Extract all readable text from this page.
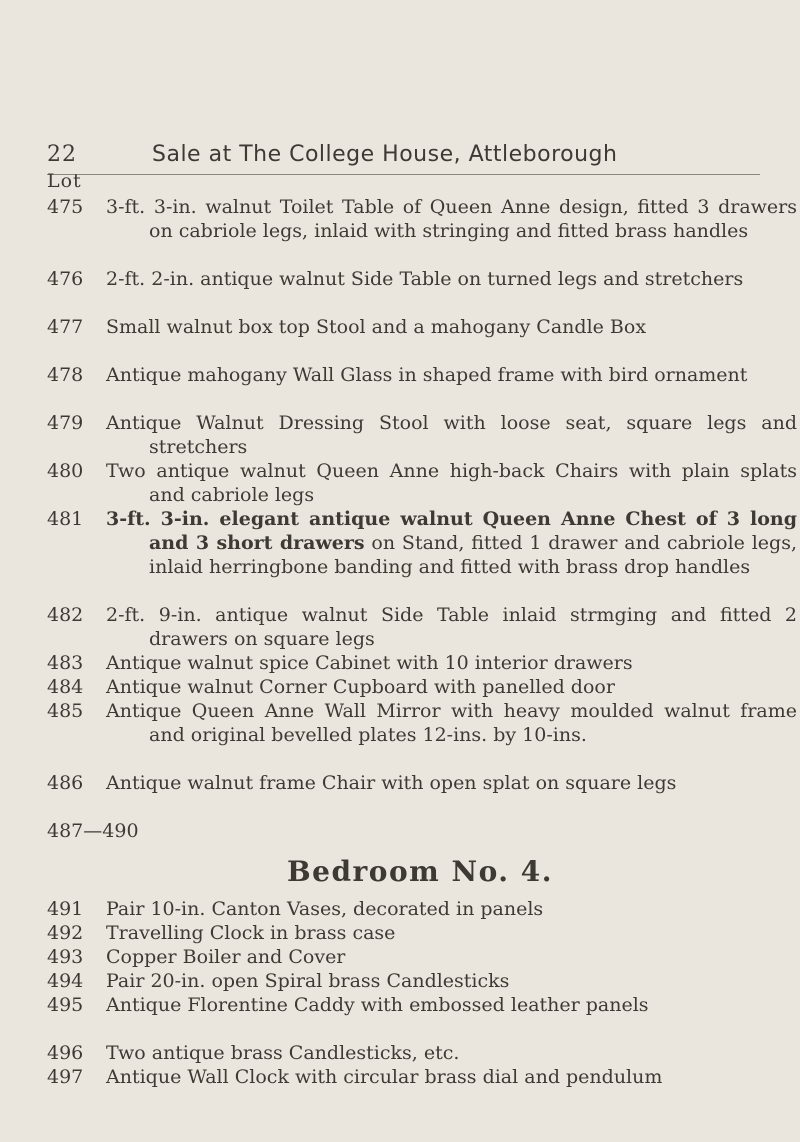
22	Sale at The College House, Attleborough
Lot
475 3-ft. 3-in. walnut Toilet Table of Queen Anne design, fitted 3 drawers on cabriole legs, inlaid with stringing and fitted brass handles
476 2-ft. 2-in. antique walnut Side Table on turned legs and stretchers
477 Small walnut box top Stool and a mahogany Candle Box
478 Antique mahogany Wall Glass in shaped frame with bird ornament
479 Antique Walnut Dressing Stool with loose seat, square legs and stretchers
480 Two antique walnut Queen Anne high-back Chairs with plain splats and cabriole legs
481 3-ft. 3-in. elegant antique walnut Queen Anne Chest of 3 long and 3 short drawers on Stand, fitted 1 drawer and cabriole legs, inlaid herringbone banding and fitted with brass drop handles
482 2-ft. 9-in. antique walnut Side Table inlaid strmging and fitted 2 drawers on square legs
483 Antique walnut spice Cabinet with 10 interior drawers
484 Antique walnut Corner Cupboard with panelled door
485 Antique Queen Anne Wall Mirror with heavy moulded walnut frame and original bevelled plates 12-ins. by 10-ins.
486 Antique walnut frame Chair with open splat on square legs
487—490
Bedroom No. 4.
491 Pair 10-in. Canton Vases, decorated in panels
492 Travelling Clock in brass case
493 Copper Boiler and Cover
494 Pair 20-in. open Spiral brass Candlesticks
495 Antique Florentine Caddy with embossed leather panels
496 Two antique brass Candlesticks, etc.
497 Antique Wall Clock with circular brass dial and pendulum
